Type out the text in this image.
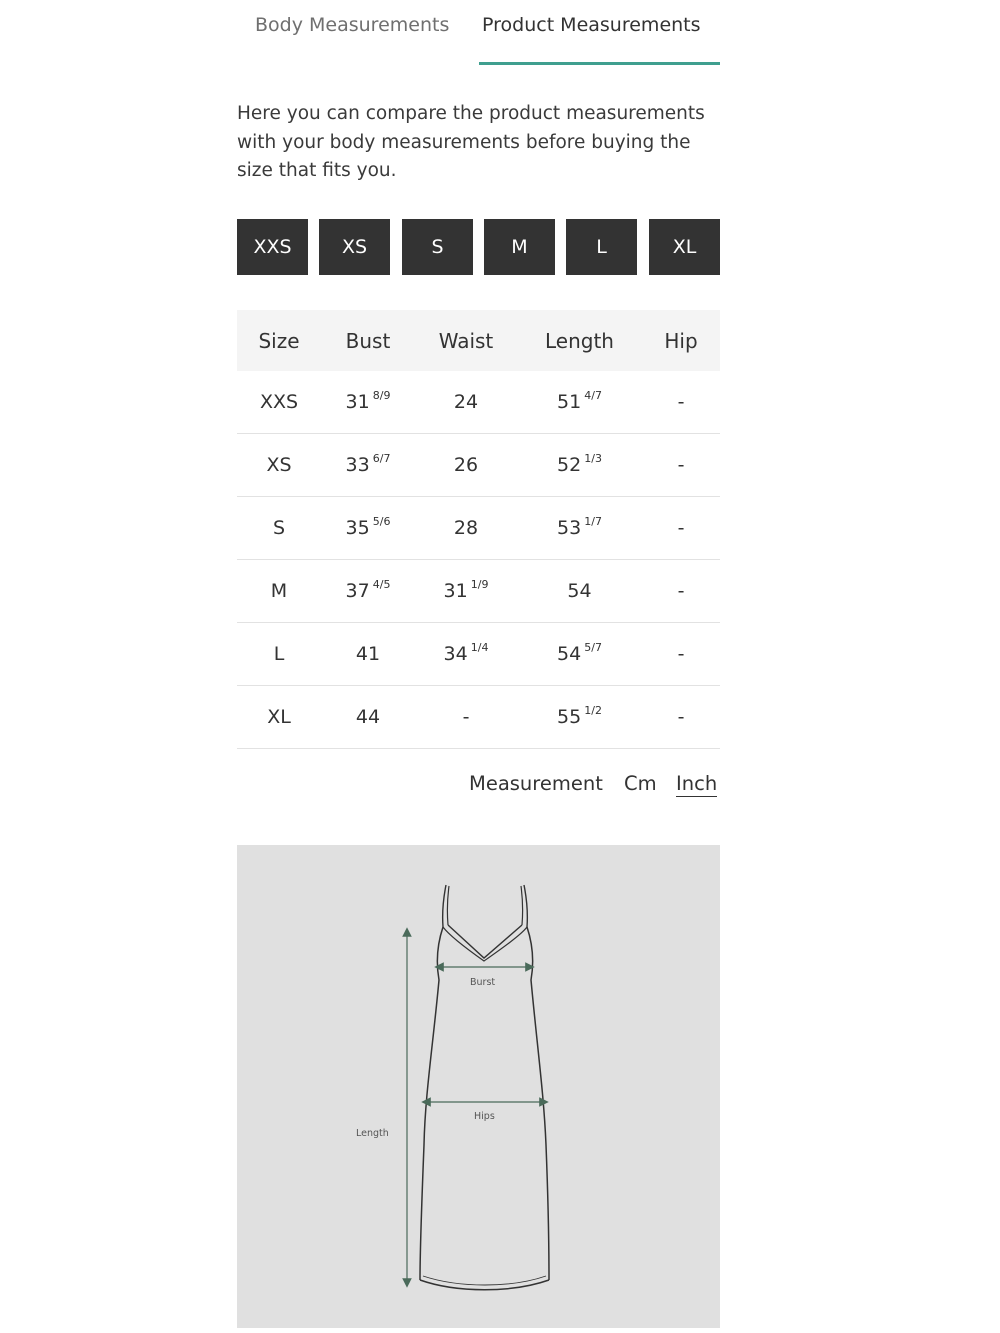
Body Measurements Product Measurements
Here you can compare the product measurements with your body measurements before buying the size that fits you.
XXS	XS	S	M	L	XL
Size	Bust	Waist	Length	Hip
XXS	31 8/9	24	51 4/7	-
XS	33 6/7	26	52 1/3	-
S	35 5/6	28	53 1/7	-
M	37 4/5	31 1/9	54	-
L	41	34 1/4	54 5/7	-
XL	44	-	55 1/2	-
Measurement Cm Inch
Burst
Hips
Length
